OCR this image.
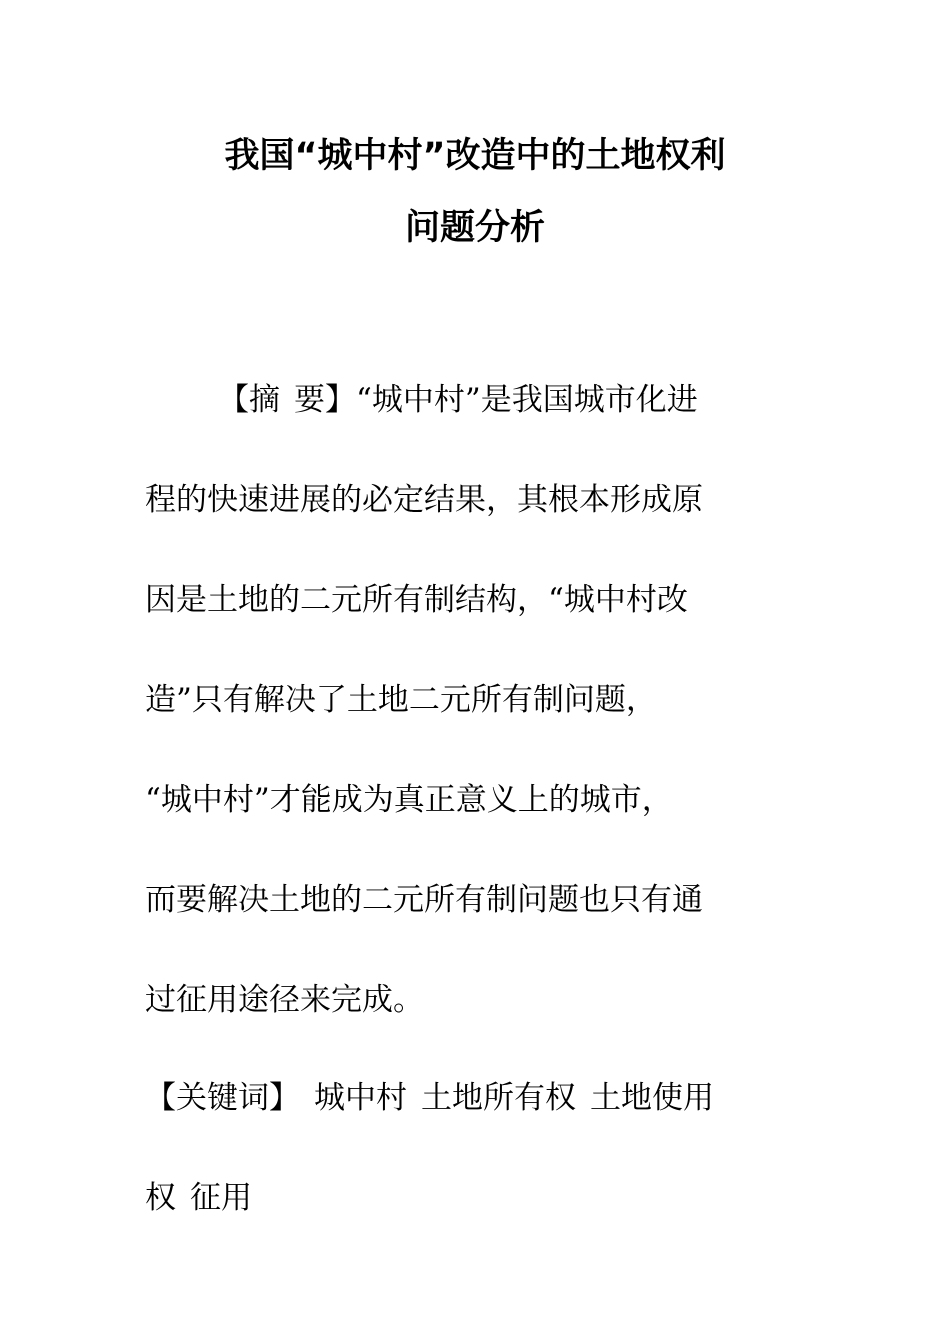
我国“城中村”改造中的土地权利
问题分析

【摘 要】“城中村”是我国城市化进

程的快速进展的必定结果，其根本形成原

因是土地的二元所有制结构，“城中村改

造”只有解决了土地二元所有制问题，

“城中村”才能成为真正意义上的城市，

而要解决土地的二元所有制问题也只有通

过征用途径来完成。

【关键词】 城中村 土地所有权 土地使用

权 征用
